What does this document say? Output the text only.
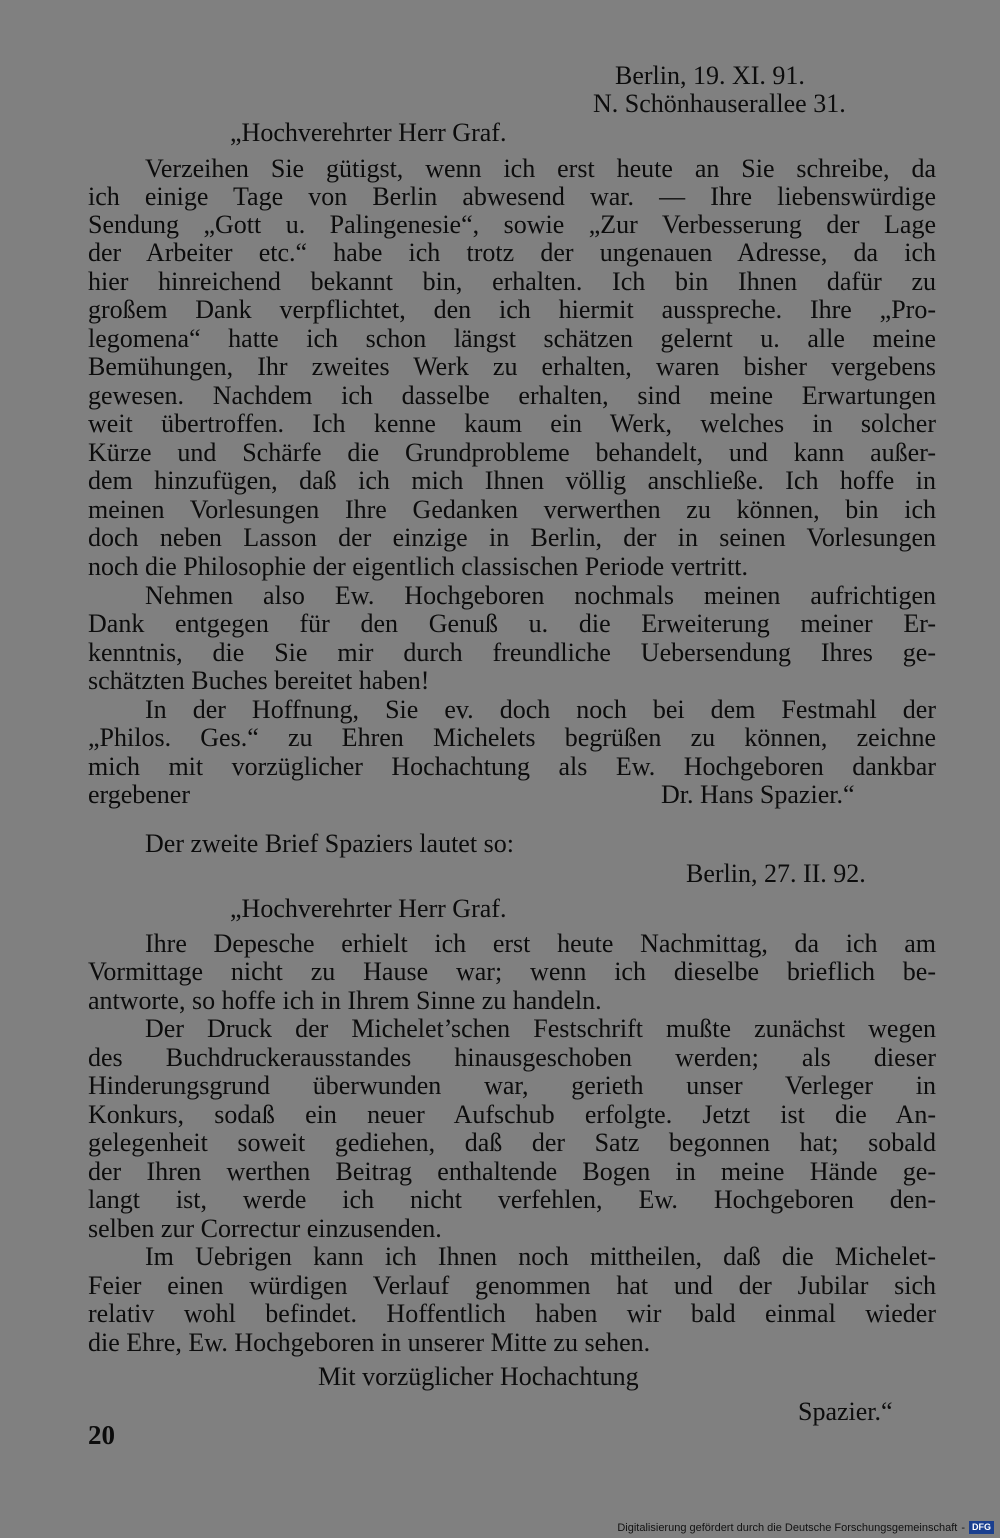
Berlin, 19. XI. 91.
N. Schönhauserallee 31.
„Hochverehrter Herr Graf.
Verzeihen Sie gütigst, wenn ich erst heute an Sie schreibe, da
ich einige Tage von Berlin abwesend war. — Ihre liebenswürdige
Sendung „Gott u. Palingenesie“, sowie „Zur Verbesserung der Lage
der Arbeiter etc.“ habe ich trotz der ungenauen Adresse, da ich
hier hinreichend bekannt bin, erhalten. Ich bin Ihnen dafür zu
großem Dank verpflichtet, den ich hiermit ausspreche. Ihre „Pro-
legomena“ hatte ich schon längst schätzen gelernt u. alle meine
Bemühungen, Ihr zweites Werk zu erhalten, waren bisher vergebens
gewesen. Nachdem ich dasselbe erhalten, sind meine Erwartungen
weit übertroffen. Ich kenne kaum ein Werk, welches in solcher
Kürze und Schärfe die Grundprobleme behandelt, und kann außer-
dem hinzufügen, daß ich mich Ihnen völlig anschließe. Ich hoffe in
meinen Vorlesungen Ihre Gedanken verwerthen zu können, bin ich
doch neben Lasson der einzige in Berlin, der in seinen Vorlesungen
noch die Philosophie der eigentlich classischen Periode vertritt.
Nehmen also Ew. Hochgeboren nochmals meinen aufrichtigen
Dank entgegen für den Genuß u. die Erweiterung meiner Er-
kenntnis, die Sie mir durch freundliche Uebersendung Ihres ge-
schätzten Buches bereitet haben!
In der Hoffnung, Sie ev. doch noch bei dem Festmahl der
„Philos. Ges.“ zu Ehren Michelets begrüßen zu können, zeichne
mich mit vorzüglicher Hochachtung als Ew. Hochgeboren dankbar
ergebener	Dr. Hans Spazier.“
Der zweite Brief Spaziers lautet so:
Berlin, 27. II. 92.
„Hochverehrter Herr Graf.
Ihre Depesche erhielt ich erst heute Nachmittag, da ich am
Vormittage nicht zu Hause war; wenn ich dieselbe brieflich be-
antworte, so hoffe ich in Ihrem Sinne zu handeln.
Der Druck der Michelet’schen Festschrift mußte zunächst wegen
des Buchdruckerausstandes hinausgeschoben werden; als dieser
Hinderungsgrund überwunden war, gerieth unser Verleger in
Konkurs, sodaß ein neuer Aufschub erfolgte. Jetzt ist die An-
gelegenheit soweit gediehen, daß der Satz begonnen hat; sobald
der Ihren werthen Beitrag enthaltende Bogen in meine Hände ge-
langt ist, werde ich nicht verfehlen, Ew. Hochgeboren den-
selben zur Correctur einzusenden.
Im Uebrigen kann ich Ihnen noch mittheilen, daß die Michelet-
Feier einen würdigen Verlauf genommen hat und der Jubilar sich
relativ wohl befindet. Hoffentlich haben wir bald einmal wieder
die Ehre, Ew. Hochgeboren in unserer Mitte zu sehen.
Mit vorzüglicher Hochachtung
Spazier.“
20
Digitalisierung gefördert durch die Deutsche Forschungsgemeinschaft - DFG
